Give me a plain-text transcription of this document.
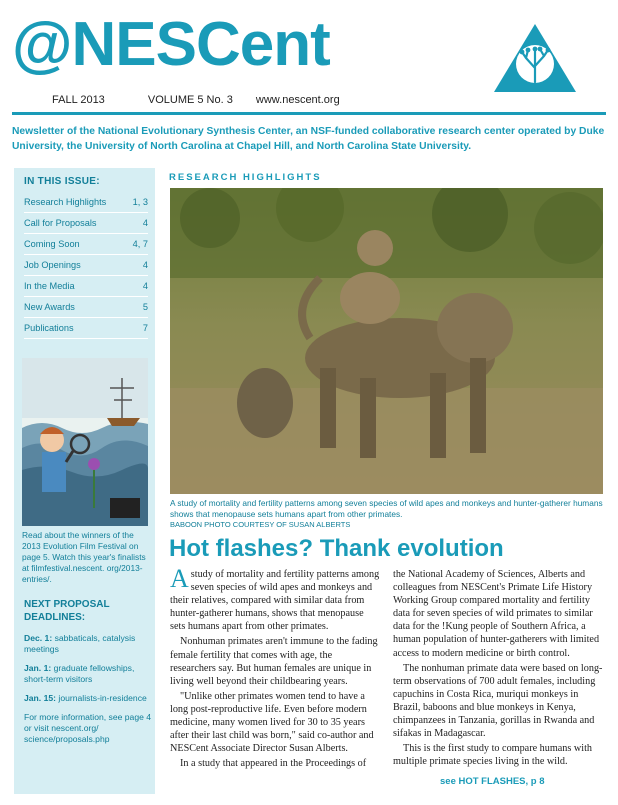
@NESCent
FALL 2013	VOLUME 5 No. 3 www.nescent.org
Newsletter of the National Evolutionary Synthesis Center, an NSF-funded collaborative research center operated by Duke University, the University of North Carolina at Chapel Hill, and North Carolina State University.
IN THIS ISSUE:
Research Highlights	1, 3
Call for Proposals	4
Coming Soon	4, 7
Job Openings	4
In the Media	4
New Awards	5
Publications	7
Read about the winners of the 2013 Evolution Film Festival on page 5. Watch this year's finalists at filmfestival.nescent. org/2013-entries/.
NEXT PROPOSAL DEADLINES:
Dec. 1: sabbaticals, catalysis meetings
Jan. 1: graduate fellowships, short-term visitors
Jan. 15: journalists-in-residence
For more information, see page 4 or visit nescent.org/ science/proposals.php
RESEARCH HIGHLIGHTS
A study of mortality and fertility patterns among seven species of wild apes and monkeys and hunter-gatherer humans shows that menopause sets humans apart from other primates.
BABOON PHOTO COURTESY OF SUSAN ALBERTS
Hot flashes? Thank evolution

A study of mortality and fertility patterns among seven species of wild apes and monkeys and their relatives, compared with similar data from hunter-gatherer humans, shows that menopause sets humans apart from other primates.

Nonhuman primates aren't immune to the fading female fertility that comes with age, the researchers say. But human females are unique in living well beyond their childbearing years.

"Unlike other primates women tend to have a long post-reproductive life. Even before modern medicine, many women lived for 30 to 35 years after their last child was born," said co-author and NESCent Associate Director Susan Alberts.

In a study that appeared in the Proceedings of

the National Academy of Sciences, Alberts and colleagues from NESCent's Primate Life History Working Group compared mortality and fertility data for seven species of wild primates to similar data for the !Kung people of Southern Africa, a human population of hunter-gatherers with limited access to modern medicine or birth control.

The nonhuman primate data were based on long-term observations of 700 adult females, including capuchins in Costa Rica, muriqui monkeys in Brazil, baboons and blue monkeys in Kenya, chimpanzees in Tanzania, gorillas in Rwanda and sifakas in Madagascar.

This is the first study to compare humans with multiple primate species living in the wild.

see HOT FLASHES, p 8
